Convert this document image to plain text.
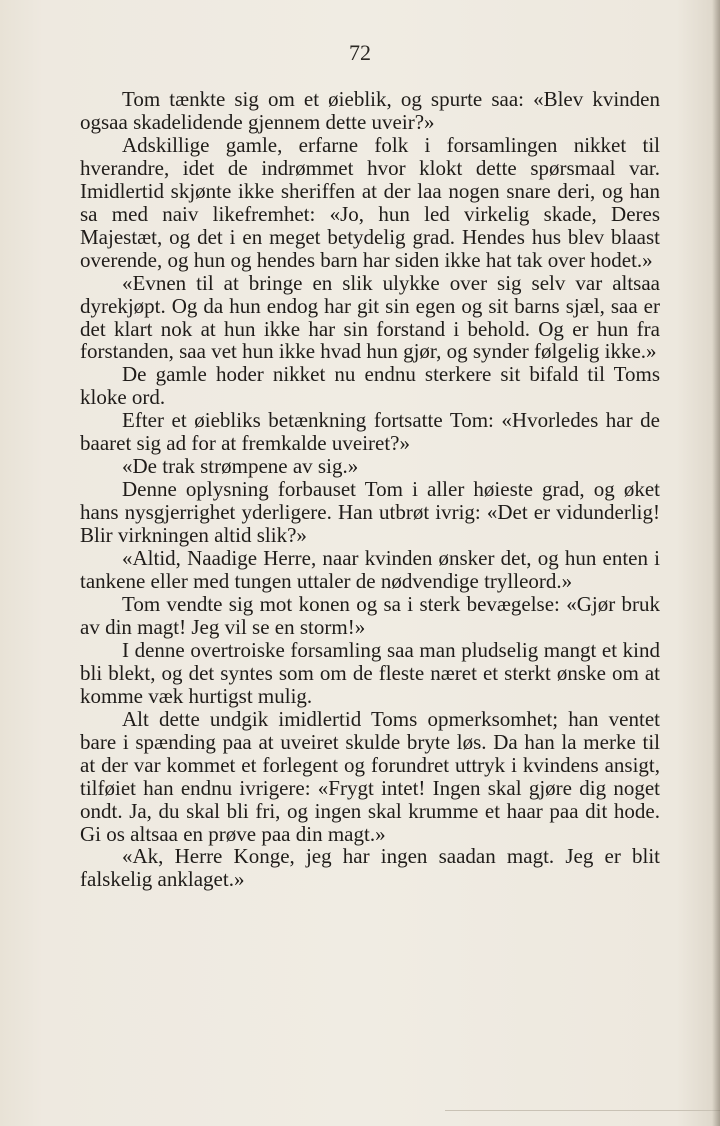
72

Tom tænkte sig om et øieblik, og spurte saa: «Blev kvinden ogsaa skadelidende gjennem dette uveir?»

Adskillige gamle, erfarne folk i forsamlingen nikket til hverandre, idet de indrømmet hvor klokt dette spørsmaal var. Imidlertid skjønte ikke sheriffen at der laa nogen snare deri, og han sa med naiv likefremhet: «Jo, hun led virkelig skade, Deres Majestæt, og det i en meget betydelig grad. Hendes hus blev blaast overende, og hun og hendes barn har siden ikke hat tak over hodet.»

«Evnen til at bringe en slik ulykke over sig selv var altsaa dyrekjøpt. Og da hun endog har git sin egen og sit barns sjæl, saa er det klart nok at hun ikke har sin forstand i behold. Og er hun fra forstanden, saa vet hun ikke hvad hun gjør, og synder følgelig ikke.»

De gamle hoder nikket nu endnu sterkere sit bifald til Toms kloke ord.

Efter et øiebliks betænkning fortsatte Tom: «Hvorledes har de baaret sig ad for at fremkalde uveiret?»

«De trak strømpene av sig.»

Denne oplysning forbauset Tom i aller høieste grad, og øket hans nysgjerrighet yderligere. Han utbrøt ivrig: «Det er vidunderlig! Blir virkningen altid slik?»

«Altid, Naadige Herre, naar kvinden ønsker det, og hun enten i tankene eller med tungen uttaler de nødvendige trylleord.»

Tom vendte sig mot konen og sa i sterk bevægelse: «Gjør bruk av din magt! Jeg vil se en storm!»

I denne overtroiske forsamling saa man pludselig mangt et kind bli blekt, og det syntes som om de fleste næret et sterkt ønske om at komme væk hurtigst mulig.

Alt dette undgik imidlertid Toms opmerksomhet; han ventet bare i spænding paa at uveiret skulde bryte løs. Da han la merke til at der var kommet et forlegent og forundret uttryk i kvindens ansigt, tilføiet han endnu ivrigere: «Frygt intet! Ingen skal gjøre dig noget ondt. Ja, du skal bli fri, og ingen skal krumme et haar paa dit hode. Gi os altsaa en prøve paa din magt.»

«Ak, Herre Konge, jeg har ingen saadan magt. Jeg er blit falskelig anklaget.»
